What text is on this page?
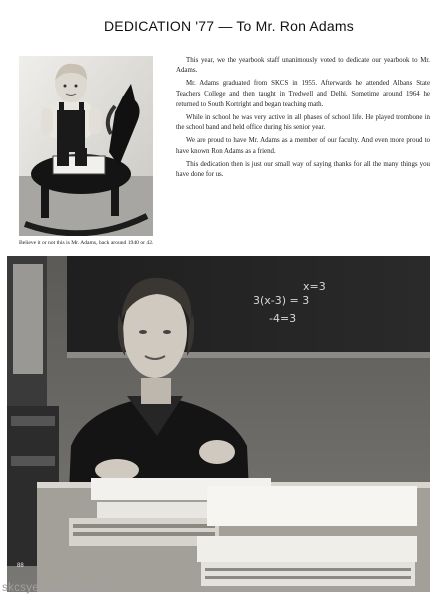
DEDICATION '77 — To Mr. Ron Adams
Believe it or not this is Mr. Adams, back around 1940 or 42.

This year, we the yearbook staff unanimously voted to dedicate our yearbook to Mr. Adams.

Mr. Adams graduated from SKCS in 1955. Afterwards he attended Albans State Teachers College and then taught in Tredwell and Delhi. Sometime around 1964 he returned to South Kortright and began teaching math.

While in school he was very active in all phases of school life. He played trombone in the school band and held office during his senior year.

We are proud to have Mr. Adams as a member of our faculty. And even more proud to have known Ron Adams as a friend.

This dedication then is just our small way of saying thanks for all the many things you have done for us.

3(x-3) = 3
x=3
-4=3
88
skcsyearbook.com
